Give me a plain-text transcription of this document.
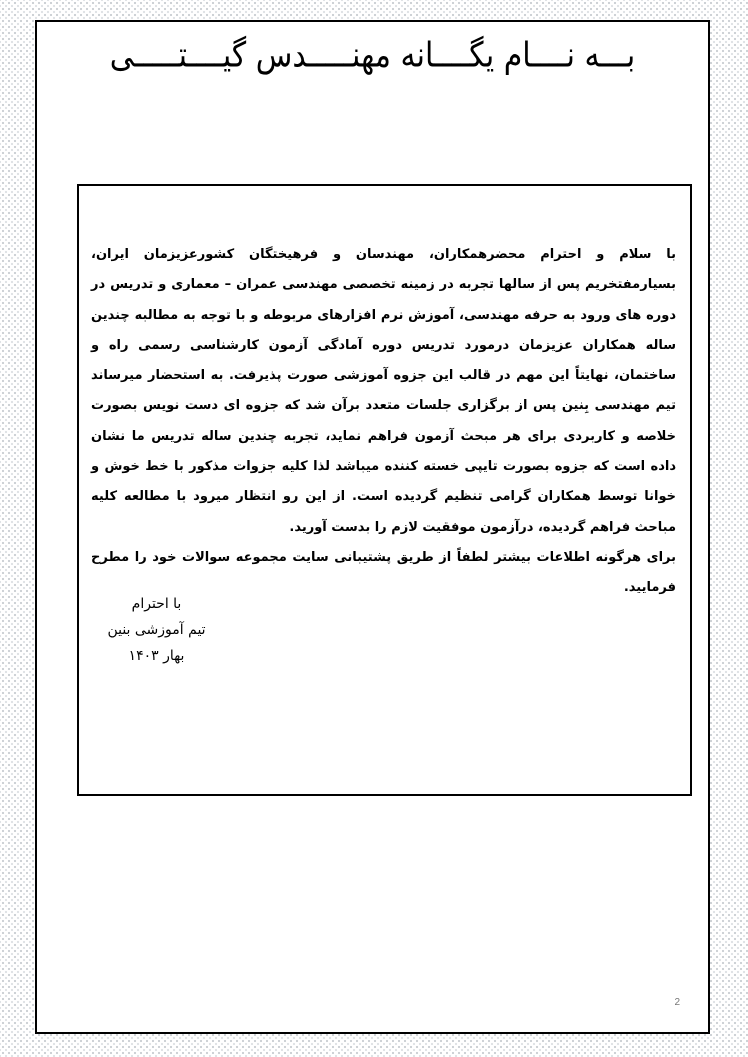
بـــه نــــام یگــــانه مهنـــــدس گیــــتـــــی

با سلام و احترام محضرهمکاران، مهندسان و فرهیختگان کشورعزیزمان ایران، بسیارمفتخریم پس از سالها تجربه در زمینه تخصصی مهندسی عمران – معماری و تدریس در دوره های ورود به حرفه مهندسی، آموزش نرم افزارهای مربوطه و با توجه به مطالبه چندین ساله همکاران عزیزمان درمورد تدریس دوره آمادگی آزمون کارشناسی رسمی راه و ساختمان، نهایتاً این مهم در قالب این جزوه آموزشی صورت پذیرفت. به استحضار میرساند تیم مهندسی بِنین پس از برگزاری جلسات متعدد برآن شد که جزوه ای دست نویس بصورت خلاصه و کاربردی برای هر مبحث آزمون فراهم نماید، تجربه چندین ساله تدریس ما نشان داده است که جزوه بصورت تایپی خسته کننده میباشد لذا کلیه جزوات مذکور با خط خوش و خوانا توسط همکاران گرامی تنظیم گردیده است. از این رو انتظار میرود با مطالعه کلیه مباحث فراهم گردیده، درآزمون موفقیت لازم را بدست آورید.

برای هرگونه اطلاعات بیشتر لطفاً از طریق پشتیبانی سایت مجموعه سوالات خود را مطرح فرمایید.

با احترام
تیم آموزشی بنین
بهار ۱۴۰۳
2
